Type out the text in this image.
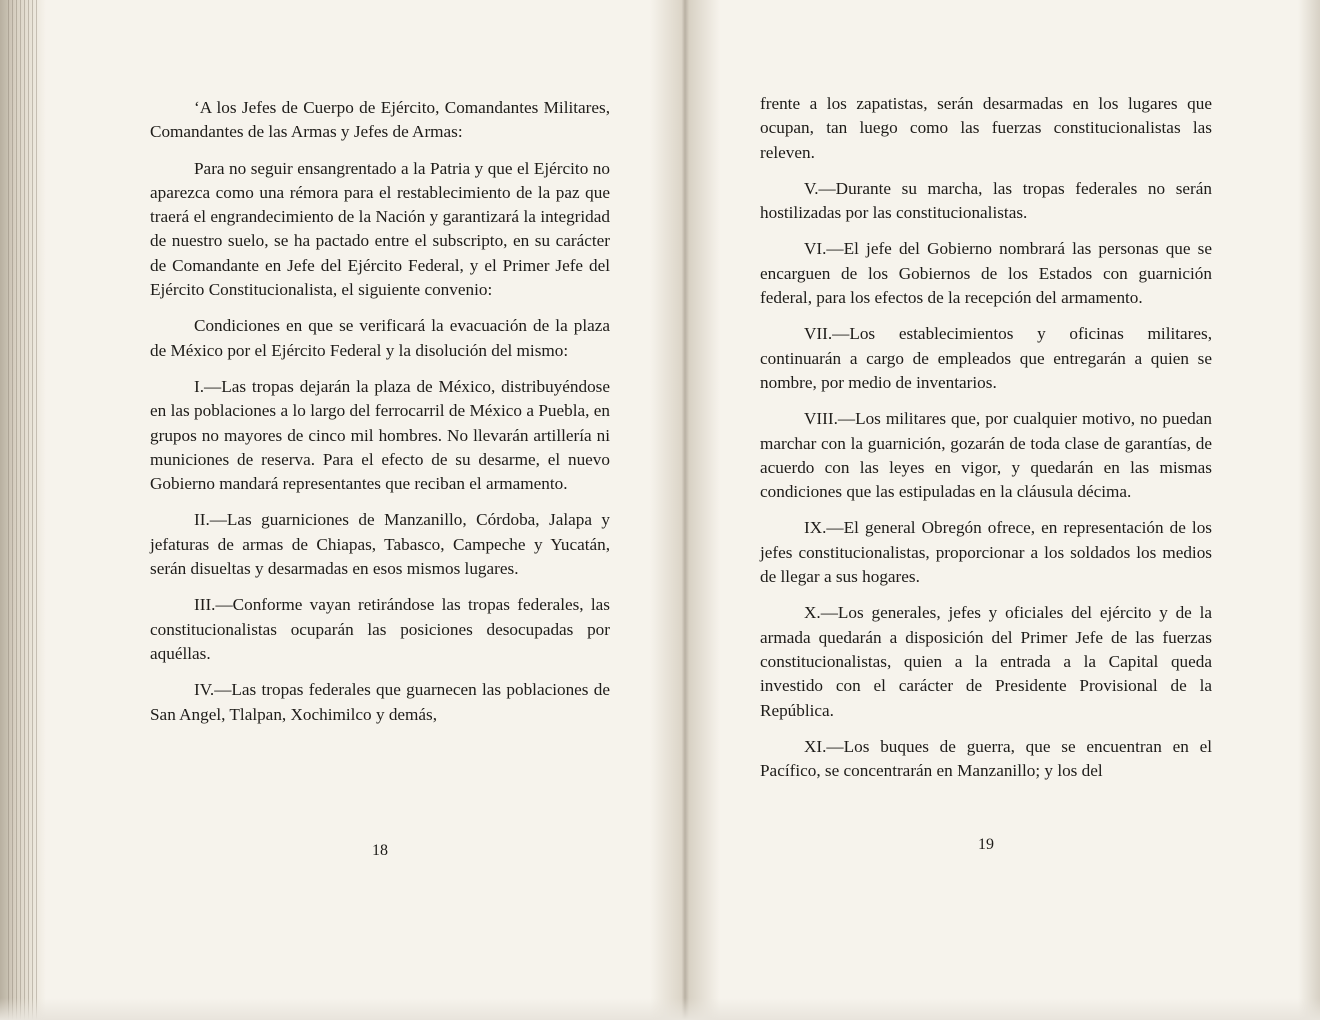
‘A los Jefes de Cuerpo de Ejército, Comandantes Militares, Comandantes de las Armas y Jefes de Armas:

Para no seguir ensangrentado a la Patria y que el Ejército no aparezca como una rémora para el restablecimiento de la paz que traerá el engrandecimiento de la Nación y garantizará la integridad de nuestro suelo, se ha pactado entre el subscripto, en su carácter de Comandante en Jefe del Ejército Federal, y el Primer Jefe del Ejército Constitucionalista, el siguiente convenio:

Condiciones en que se verificará la evacuación de la plaza de México por el Ejército Federal y la disolución del mismo:

I.—Las tropas dejarán la plaza de México, distribuyéndose en las poblaciones a lo largo del ferrocarril de México a Puebla, en grupos no mayores de cinco mil hombres. No llevarán artillería ni municiones de reserva. Para el efecto de su desarme, el nuevo Gobierno mandará representantes que reciban el armamento.

II.—Las guarniciones de Manzanillo, Córdoba, Jalapa y jefaturas de armas de Chiapas, Tabasco, Campeche y Yucatán, serán disueltas y desarmadas en esos mismos lugares.

III.—Conforme vayan retirándose las tropas federales, las constitucionalistas ocuparán las posiciones desocupadas por aquéllas.

IV.—Las tropas federales que guarnecen las poblaciones de San Angel, Tlalpan, Xochimilco y demás,

18

frente a los zapatistas, serán desarmadas en los lugares que ocupan, tan luego como las fuerzas constitucionalistas las releven.

V.—Durante su marcha, las tropas federales no serán hostilizadas por las constitucionalistas.

VI.—El jefe del Gobierno nombrará las personas que se encarguen de los Gobiernos de los Estados con guarnición federal, para los efectos de la recepción del armamento.

VII.—Los establecimientos y oficinas militares, continuarán a cargo de empleados que entregarán a quien se nombre, por medio de inventarios.

VIII.—Los militares que, por cualquier motivo, no puedan marchar con la guarnición, gozarán de toda clase de garantías, de acuerdo con las leyes en vigor, y quedarán en las mismas condiciones que las estipuladas en la cláusula décima.

IX.—El general Obregón ofrece, en representación de los jefes constitucionalistas, proporcionar a los soldados los medios de llegar a sus hogares.

X.—Los generales, jefes y oficiales del ejército y de la armada quedarán a disposición del Primer Jefe de las fuerzas constitucionalistas, quien a la entrada a la Capital queda investido con el carácter de Presidente Provisional de la República.

XI.—Los buques de guerra, que se encuentran en el Pacífico, se concentrarán en Manzanillo; y los del

19
